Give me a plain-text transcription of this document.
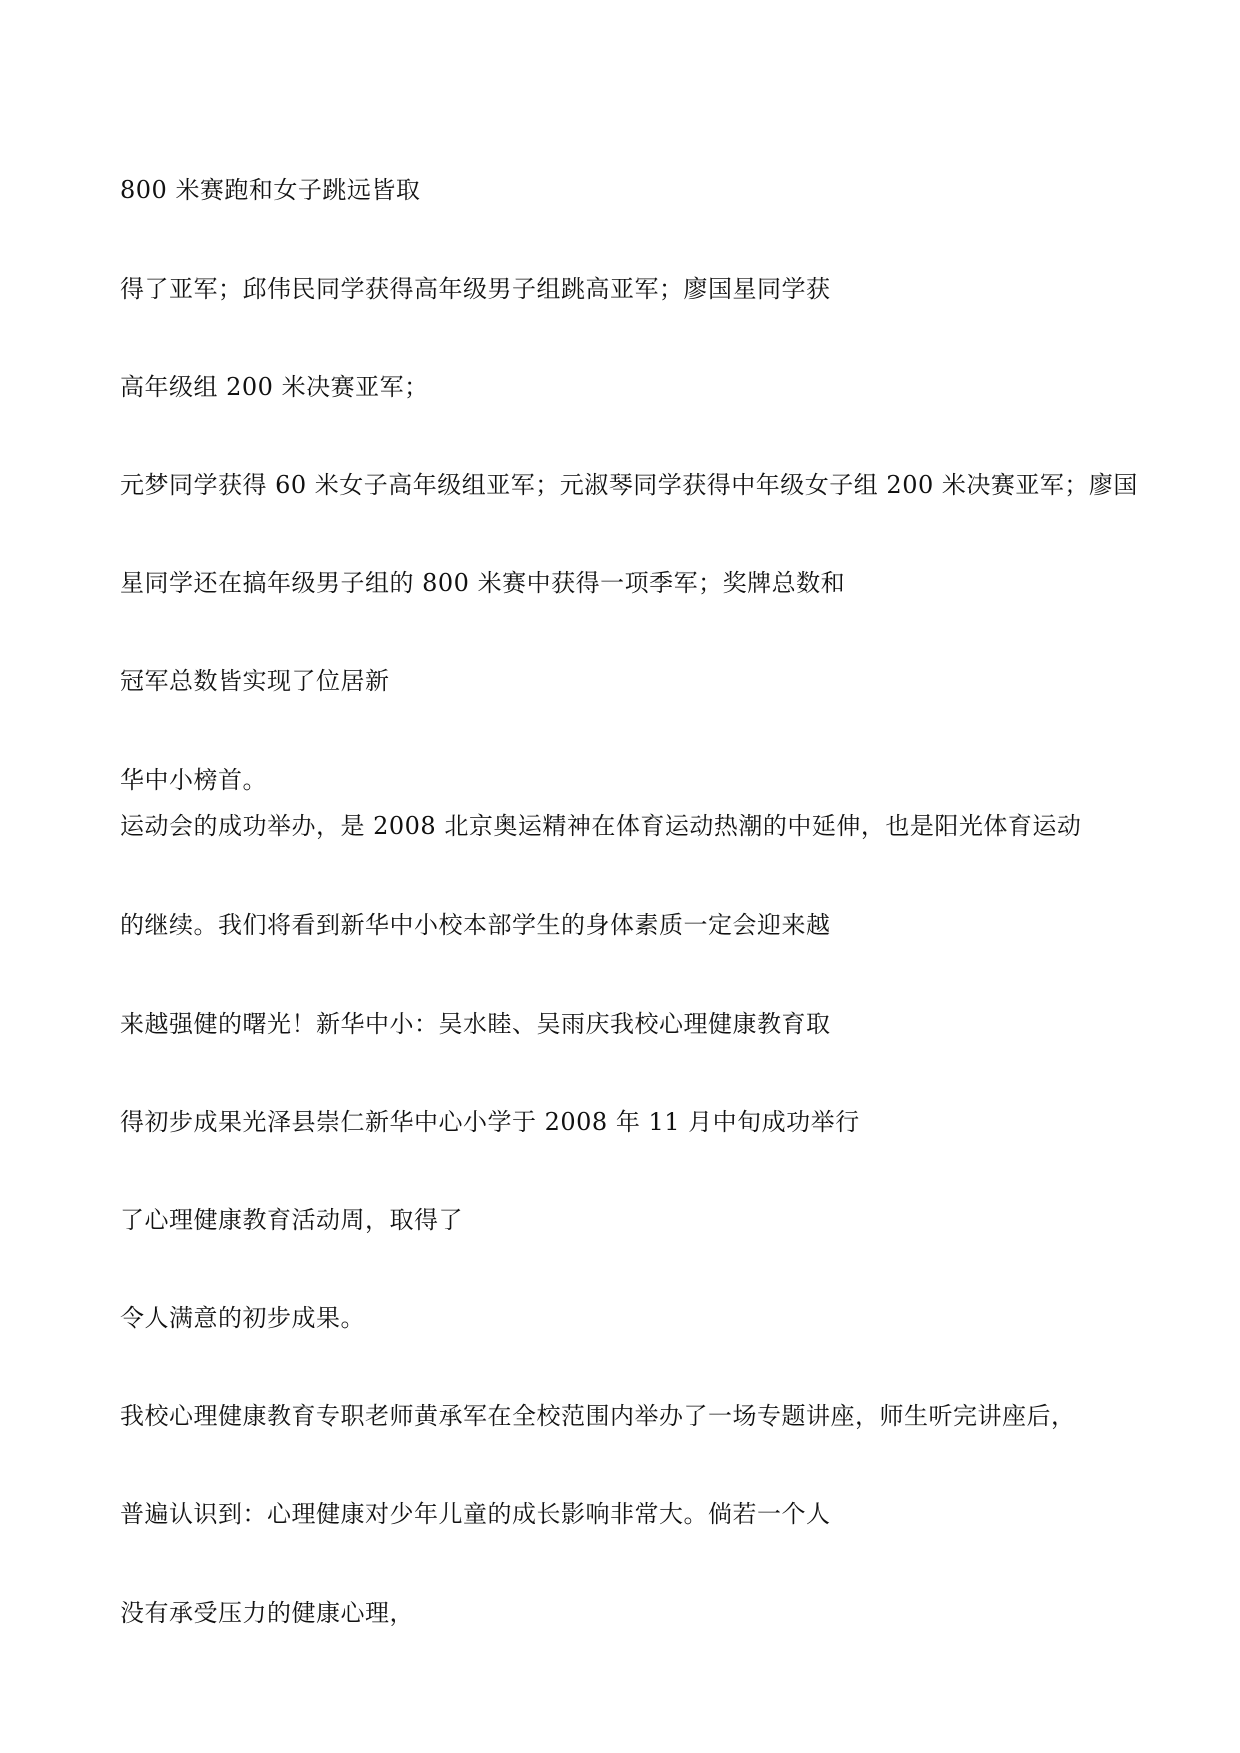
800 米赛跑和女子跳远皆取

得了亚军；邱伟民同学获得高年级男子组跳高亚军；廖国星同学获

高年级组 200 米决赛亚军；

元梦同学获得 60 米女子高年级组亚军；元淑琴同学获得中年级女子组 200 米决赛亚军；廖国

星同学还在搞年级男子组的 800 米赛中获得一项季军；奖牌总数和

冠军总数皆实现了位居新

华中小榜首。

运动会的成功举办，是 2008 北京奥运精神在体育运动热潮的中延伸，也是阳光体育运动

的继续。我们将看到新华中小校本部学生的身体素质一定会迎来越

来越强健的曙光！新华中小：吴水睦、吴雨庆我校心理健康教育取

得初步成果光泽县崇仁新华中心小学于 2008 年 11 月中旬成功举行

了心理健康教育活动周，取得了

令人满意的初步成果。

我校心理健康教育专职老师黄承军在全校范围内举办了一场专题讲座，师生听完讲座后，

普遍认识到：心理健康对少年儿童的成长影响非常大。倘若一个人

没有承受压力的健康心理，
